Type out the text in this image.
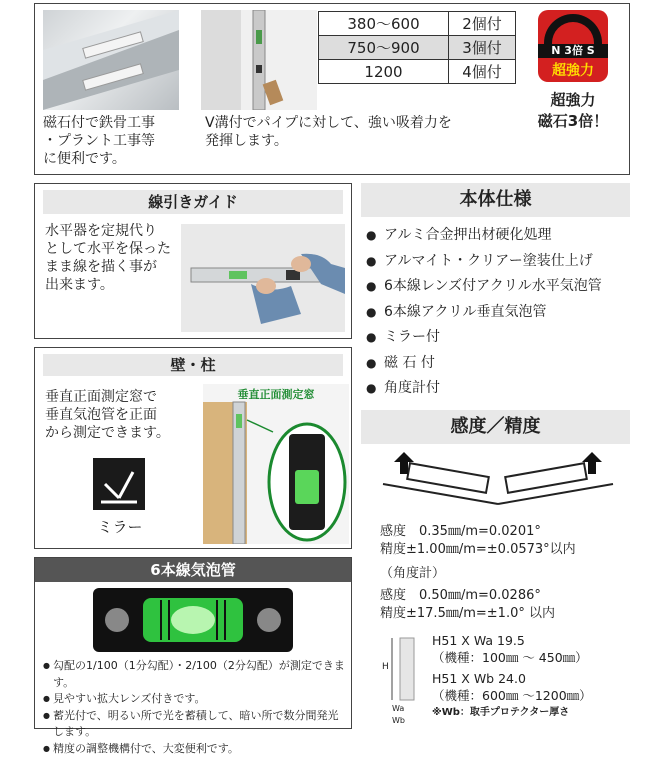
磁石付で鉄骨工事
・プラント工事等
に便利です。
V溝付でパイプに対して、強い吸着力を
発揮します。
380〜600	2個付
750〜900	3個付
1200	4個付
N 3倍 S
超強力
超強力
磁石3倍！
線引きガイド
水平器を定規代り
として水平を保った
まま線を描く事が
出来ます。
壁・柱
垂直正面測定窓で
垂直気泡管を正面
から測定できます。
ミラー
垂直正面測定窓
6本線気泡管
● 勾配の1/100（1分勾配）・2/100（2分勾配）が測定できます。
● 見やすい拡大レンズ付きです。
● 蓄光付で、明るい所で光を蓄積して、暗い所で数分間発光します。
● 精度の調整機構付で、大変便利です。
本体仕様
● アルミ合金押出材硬化処理
● アルマイト・クリアー塗装仕上げ
● 6本線レンズ付アクリル水平気泡管
● 6本線アクリル垂直気泡管
● ミラー付
● 磁 石 付
● 角度計付
感度／精度
感度　0.35㎜/m=0.0201°
精度±1.00㎜/m=±0.0573°以内
（角度計）
感度　0.50㎜/m=0.0286°
精度±17.5㎜/m=±1.0° 以内
H
Wa
Wb
H51 X Wa 19.5
（機種：100㎜ 〜 450㎜）
H51 X Wb 24.0
（機種：600㎜ 〜1200㎜）
※Wb：取手プロテクター厚さ
